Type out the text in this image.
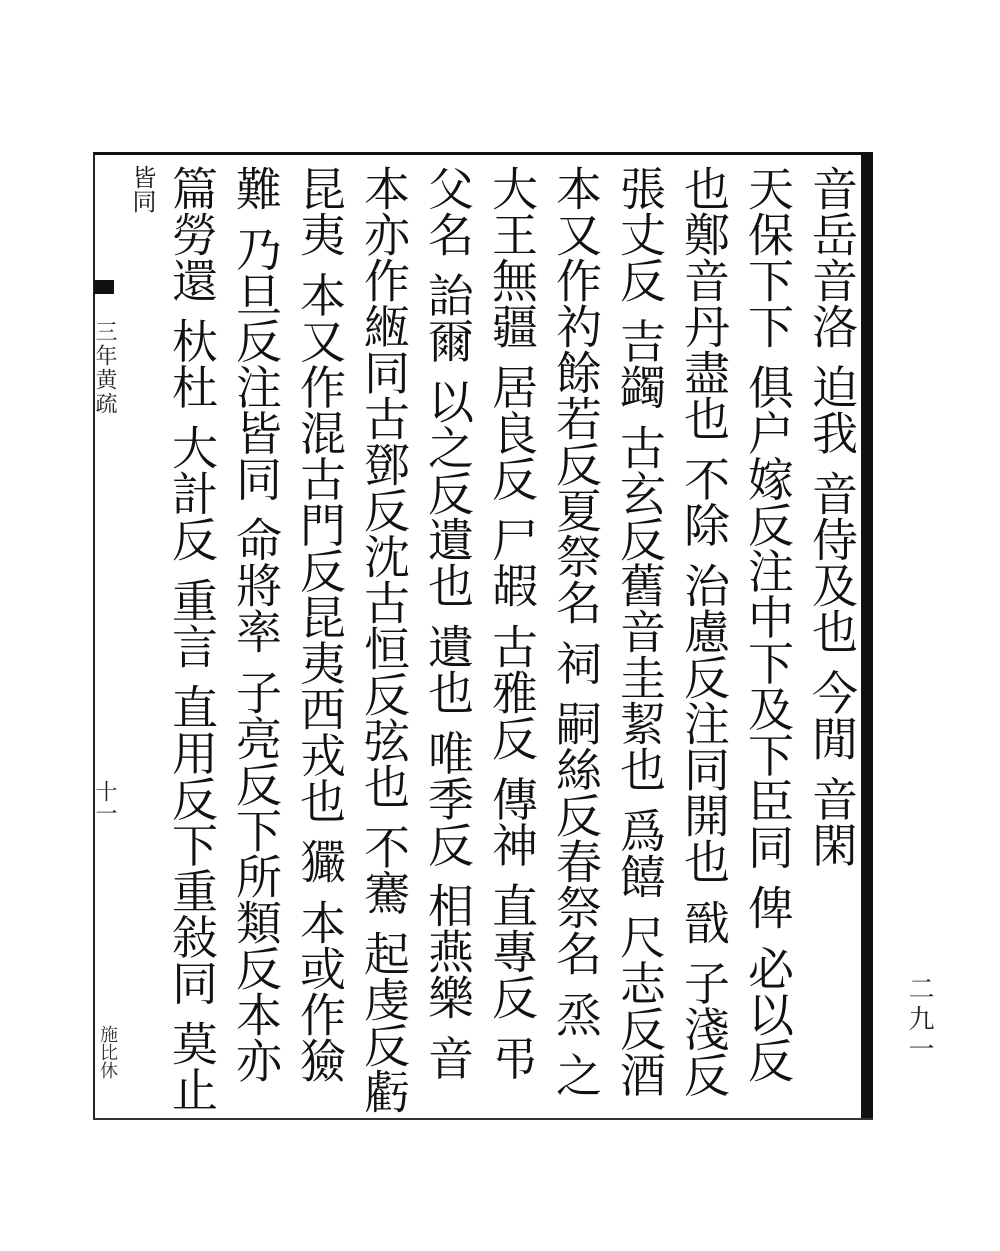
三年黄疏
十一
施比休	二九一
音岳音洛 迫我 音侍及也 今閒 音閑
天保下下 俱户嫁反注中下及下臣同 俾 必以反
也鄭音丹盡也 不除 治慮反注同開也 戩 子淺反
張丈反 吉蠲 古玄反舊音圭絜也 爲饎 尺志反酒
本又作礿餘若反夏祭名 祠 嗣絲反春祭名 烝 之
大王無疆 居良反 尸嘏 古雅反 傳神 直專反 弔
父名 詒爾 以之反遺也 遺也 唯季反 相燕樂 音
本亦作緪同古鄧反沈古恒反弦也 不騫 起虔反虧
昆夷 本又作混古門反昆夷西戎也 玁 本或作獫
難 乃旦反注皆同 命將率 子亮反下所類反本亦
篇勞還 杕杜 大計反 重言 直用反下重敍同 莫止
皆同
